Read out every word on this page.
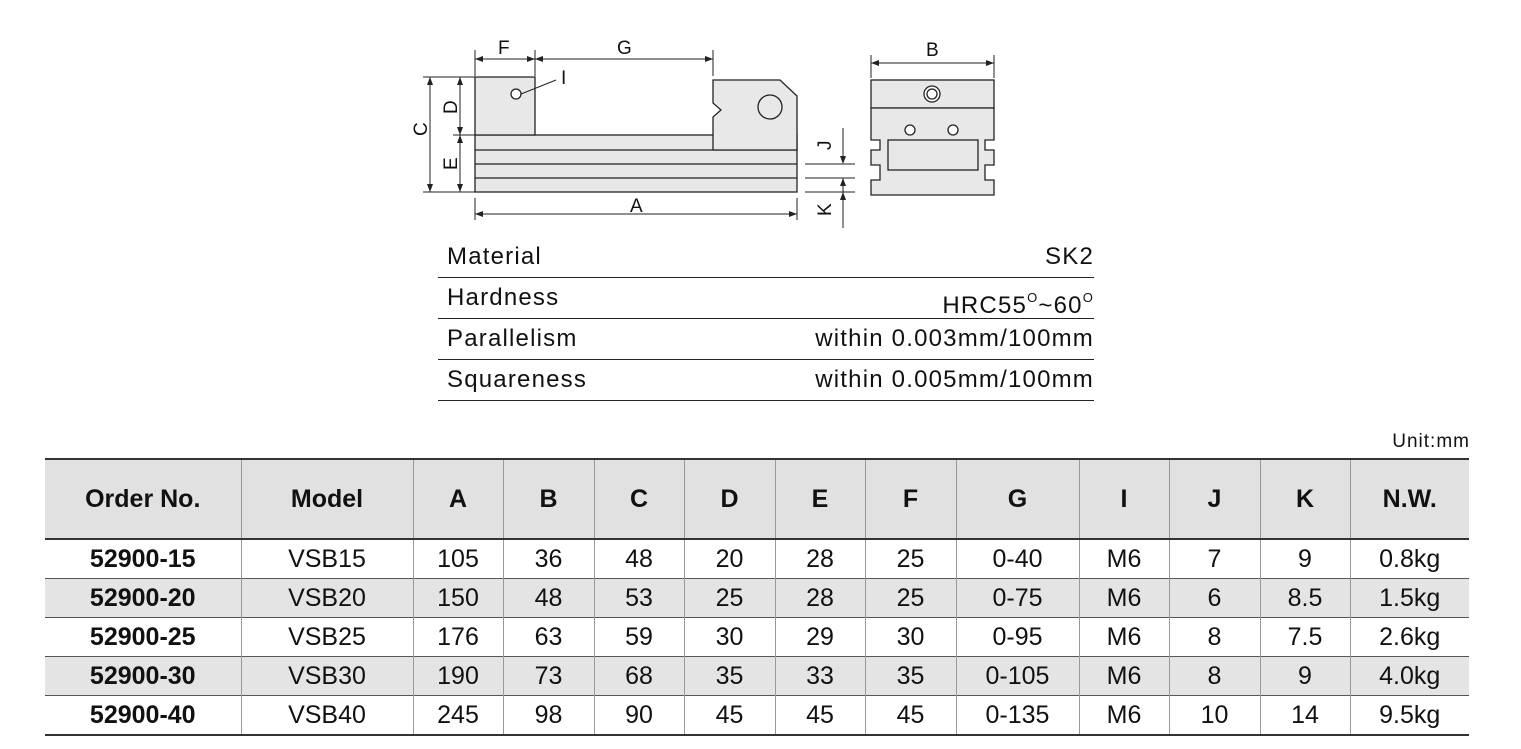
F	G
I
A
B
C
D
E
J
K
Material	SK2
Hardness	$HRC55^O\sim 60^O$
Parallelism	within 0.003mm/100mm
Squareness	within 0.005mm/100mm
Unit:mm
Order No.	Model	A	B	C	D	E	F	G	I	J	K	N.W.
52900-15	VSB15	105	36	48	20	28	25	0-40	M6	7	9	0.8kg
52900-20	VSB20	150	48	53	25	28	25	0-75	M6	6	8.5	1.5kg
52900-25	VSB25	176	63	59	30	29	30	0-95	M6	8	7.5	2.6kg
52900-30	VSB30	190	73	68	35	33	35	0-105	M6	8	9	4.0kg
52900-40	VSB40	245	98	90	45	45	45	0-135	M6	10	14	9.5kg
